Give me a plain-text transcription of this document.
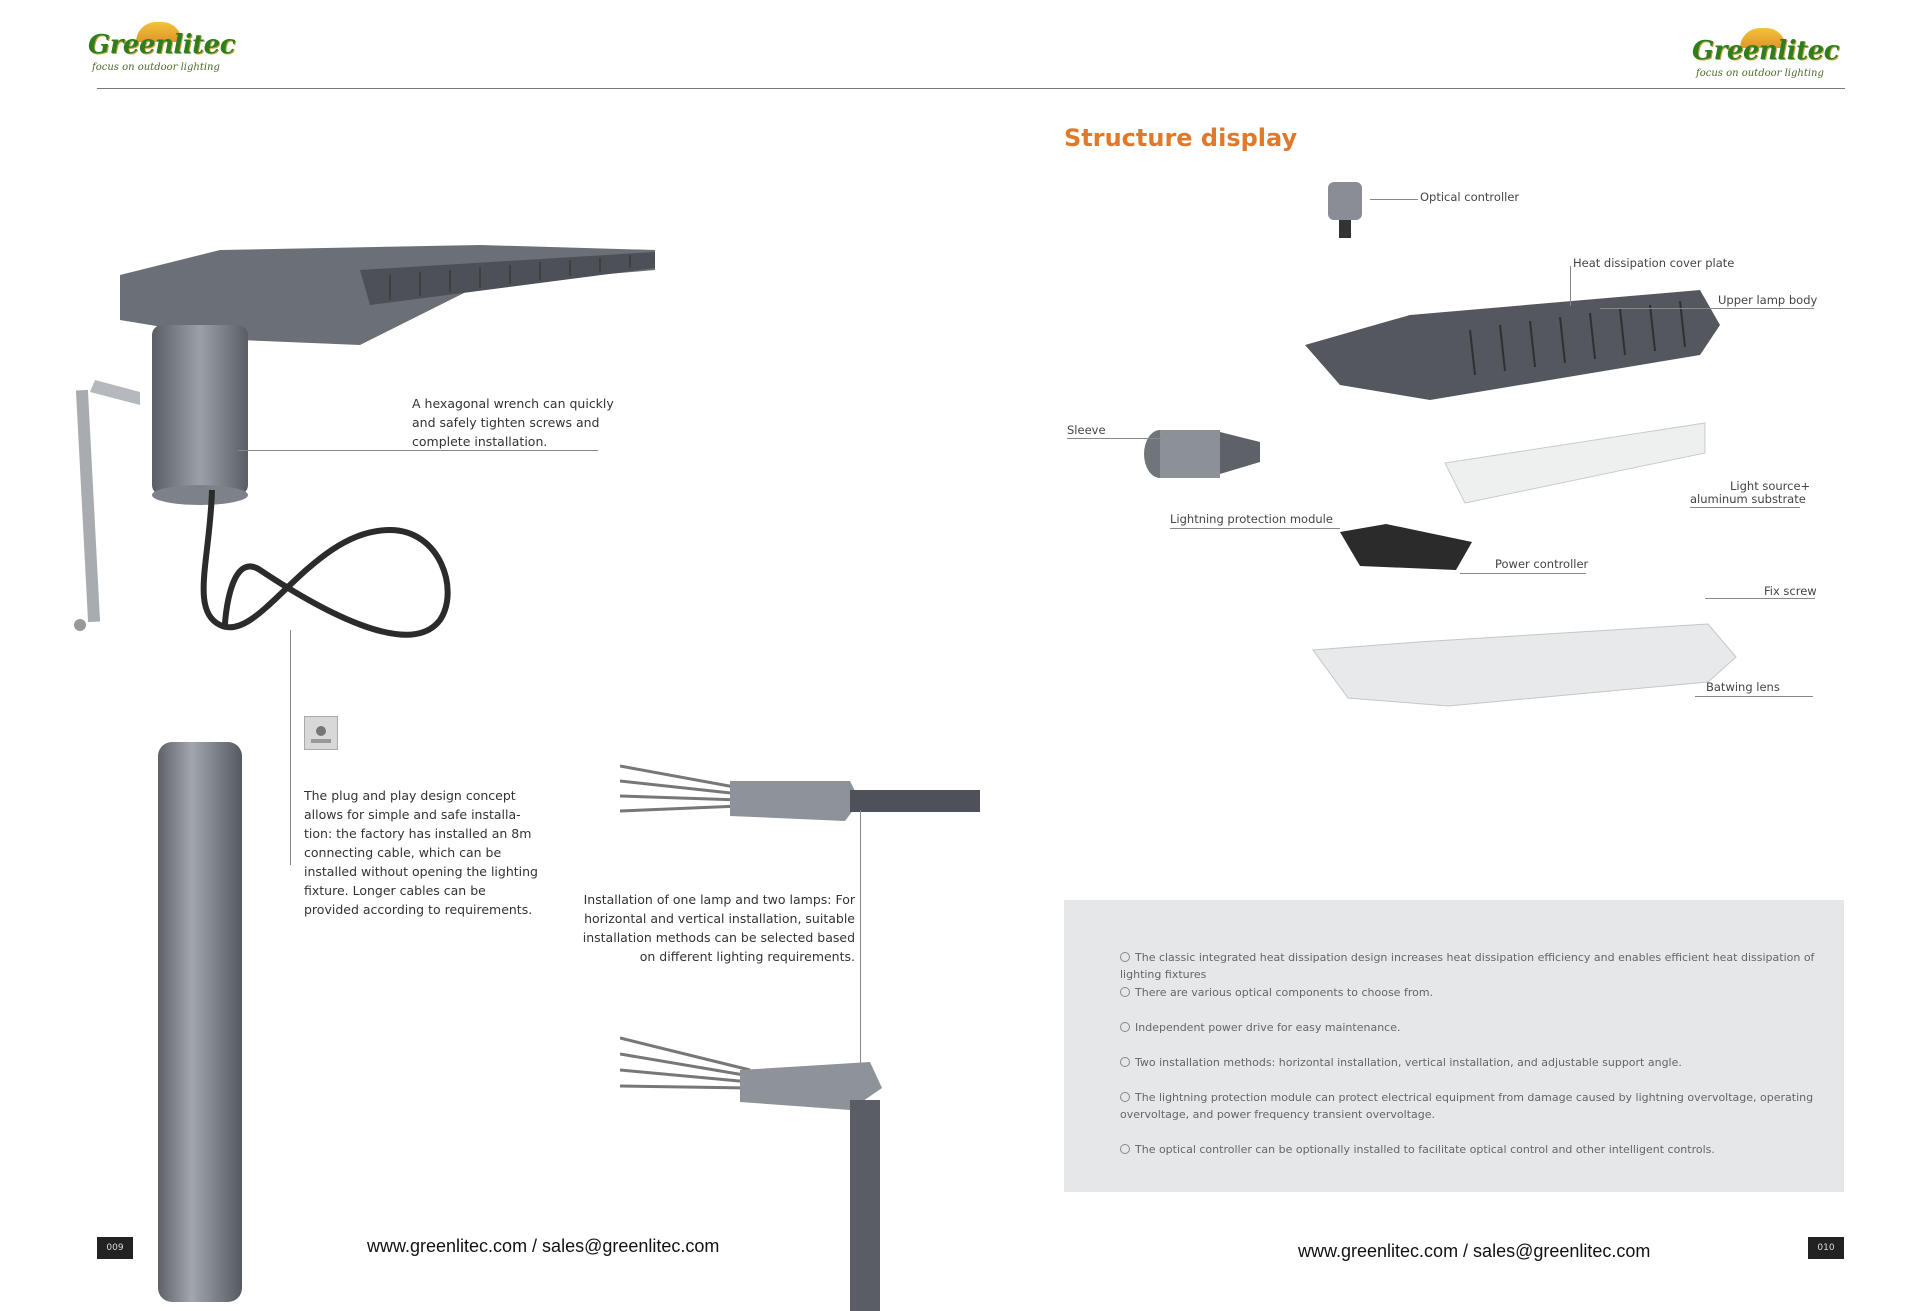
Greenlitec
focus on outdoor lighting
Greenlitec
focus on outdoor lighting
A hexagonal wrench can quickly and safely tighten screws and complete installation.
The plug and play design concept allows for simple and safe installa-tion: the factory has installed an 8m connecting cable, which can be installed without opening the lighting fixture. Longer cables can be provided according to requirements.
Installation of one lamp and two lamps: For horizontal and vertical installation, suitable installation methods can be selected based on different lighting requirements.
www.greenlitec.com / sales@greenlitec.com
009
Structure display
Optical controller
Heat dissipation cover plate
Upper lamp body
Sleeve
Light source+
aluminum substrate
Lightning protection module
Power controller
Fix screw
Batwing lens
The classic integrated heat dissipation design increases heat dissipation efficiency and enables efficient heat dissipation of lighting fixtures
There are various optical components to choose from.
Independent power drive for easy maintenance.
Two installation methods: horizontal installation, vertical installation, and adjustable support angle.
The lightning protection module can protect electrical equipment from damage caused by lightning overvoltage, operating overvoltage, and power frequency transient overvoltage.
The optical controller can be optionally installed to facilitate optical control and other intelligent controls.
www.greenlitec.com / sales@greenlitec.com	010
